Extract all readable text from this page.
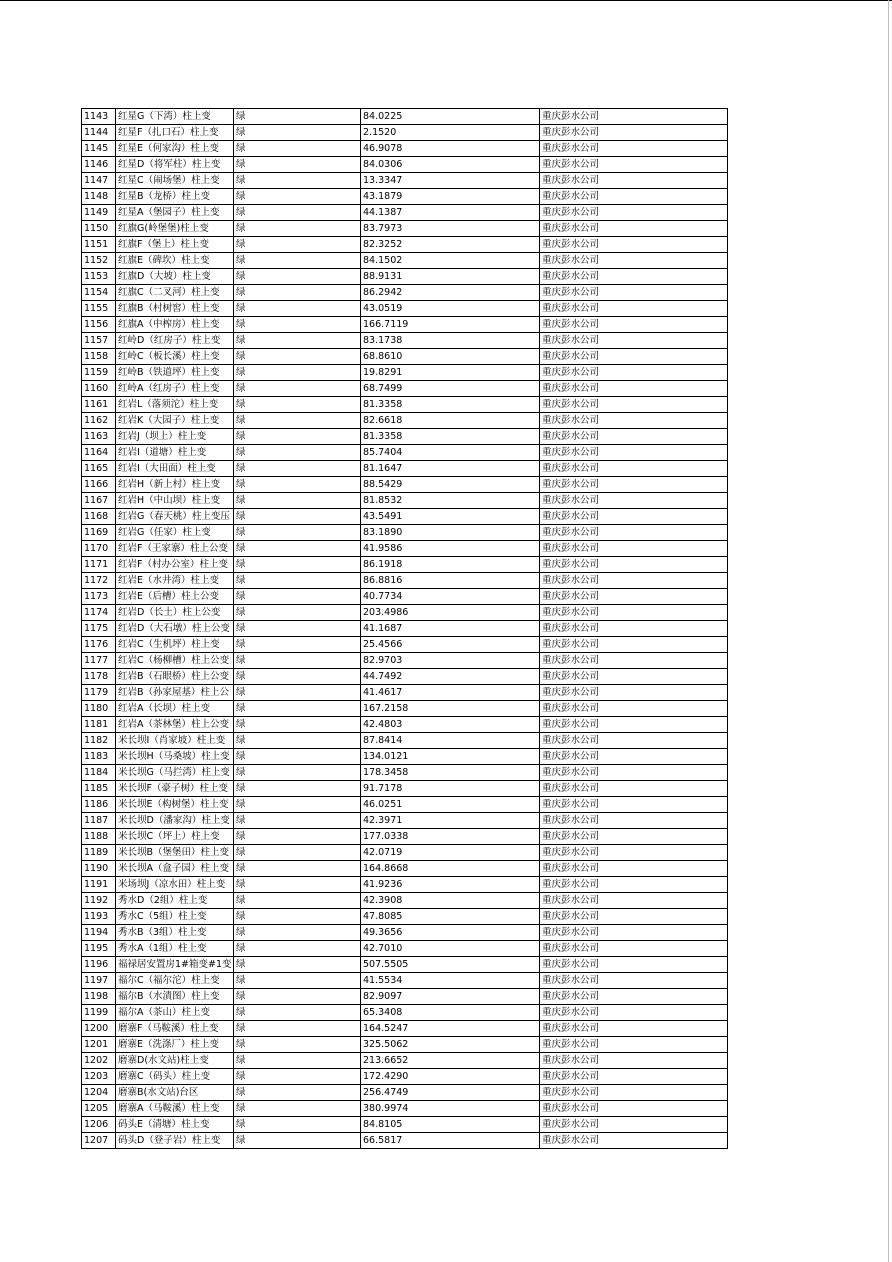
1143	红星G（下湾）柱上变	绿	84.0225	重庆彭水公司
1144	红星F（扎口石）柱上变	绿	2.1520	重庆彭水公司
1145	红星E（何家沟）柱上变	绿	46.9078	重庆彭水公司
1146	红星D（将军柱）柱上变	绿	84.0306	重庆彭水公司
1147	红星C（闹场堡）柱上变	绿	13.3347	重庆彭水公司
1148	红星B（龙桥）柱上变	绿	43.1879	重庆彭水公司
1149	红星A（堡园子）柱上变	绿	44.1387	重庆彭水公司
1150	红旗G(岭堡堡)柱上变	绿	83.7973	重庆彭水公司
1151	红旗F（堡上）柱上变	绿	82.3252	重庆彭水公司
1152	红旗E（碑坎）柱上变	绿	84.1502	重庆彭水公司
1153	红旗D（大坡）柱上变	绿	88.9131	重庆彭水公司
1154	红旗C（二叉河）柱上变	绿	86.2942	重庆彭水公司
1155	红旗B（村树窖）柱上变	绿	43.0519	重庆彭水公司
1156	红旗A（中榨房）柱上变	绿	166.7119	重庆彭水公司
1157	红岭D（红房子）柱上变	绿	83.1738	重庆彭水公司
1158	红岭C（板长溪）柱上变	绿	68.8610	重庆彭水公司
1159	红岭B（铁道坪）柱上变	绿	19.8291	重庆彭水公司
1160	红岭A（红房子）柱上变	绿	68.7499	重庆彭水公司
1161	红岩L（落须沱）柱上变	绿	81.3358	重庆彭水公司
1162	红岩K（大园子）柱上变	绿	82.6618	重庆彭水公司
1163	红岩J（坝上）柱上变	绿	81.3358	重庆彭水公司
1164	红岩I（道塘）柱上变	绿	85.7404	重庆彭水公司
1165	红岩I（大田面）柱上变	绿	81.1647	重庆彭水公司
1166	红岩H（新上村）柱上变	绿	88.5429	重庆彭水公司
1167	红岩H（中山坝）柱上变	绿	81.8532	重庆彭水公司
1168	红岩G（春天桃）柱上变压	绿	43.5491	重庆彭水公司
1169	红岩G（任家）柱上变	绿	83.1890	重庆彭水公司
1170	红岩F（王家寨）柱上公变	绿	41.9586	重庆彭水公司
1171	红岩F（村办公室）柱上变	绿	86.1918	重庆彭水公司
1172	红岩E（水井湾）柱上变	绿	86.8816	重庆彭水公司
1173	红岩E（后槽）柱上公变	绿	40.7734	重庆彭水公司
1174	红岩D（长土）柱上公变	绿	203.4986	重庆彭水公司
1175	红岩D（大石墩）柱上公变	绿	41.1687	重庆彭水公司
1176	红岩C（生机坪）柱上变	绿	25.4566	重庆彭水公司
1177	红岩C（杨柳槽）柱上公变	绿	82.9703	重庆彭水公司
1178	红岩B（石眼桥）柱上公变	绿	44.7492	重庆彭水公司
1179	红岩B（孙家屋基）柱上公	绿	41.4617	重庆彭水公司
1180	红岩A（长坝）柱上变	绿	167.2158	重庆彭水公司
1181	红岩A（茶林堡）柱上公变	绿	42.4803	重庆彭水公司
1182	米长坝I（肖家坡）柱上变	绿	87.8414	重庆彭水公司
1183	米长坝H（马桑坡）柱上变	绿	134.0121	重庆彭水公司
1184	米长坝G（马拦湾）柱上变	绿	178.3458	重庆彭水公司
1185	米长坝F（豪子树）柱上变	绿	91.7178	重庆彭水公司
1186	米长坝E（构树堡）柱上变	绿	46.0251	重庆彭水公司
1187	米长坝D（潘家沟）柱上变	绿	42.3971	重庆彭水公司
1188	米长坝C（坪上）柱上变	绿	177.0338	重庆彭水公司
1189	米长坝B（堡堡田）柱上变	绿	42.0719	重庆彭水公司
1190	米长坝A（盒子园）柱上变	绿	164.8668	重庆彭水公司
1191	米场坝J（凉水田）柱上变	绿	41.9236	重庆彭水公司
1192	秀水D（2组）柱上变	绿	42.3908	重庆彭水公司
1193	秀水C（5组）柱上变	绿	47.8085	重庆彭水公司
1194	秀水B（3组）柱上变	绿	49.3656	重庆彭水公司
1195	秀水A（1组）柱上变	绿	42.7010	重庆彭水公司
1196	福禄居安置房1#箱变#1变	绿	507.5505	重庆彭水公司
1197	福尔C（福尔沱）柱上变	绿	41.5534	重庆彭水公司
1198	福尔B（水漬图）柱上变	绿	82.9097	重庆彭水公司
1199	福尔A（茶山）柱上变	绿	65.3408	重庆彭水公司
1200	磨寨F（马鞍溪）柱上变	绿	164.5247	重庆彭水公司
1201	磨寨E（洗涤厂）柱上变	绿	325.5062	重庆彭水公司
1202	磨寨D(水文站)柱上变	绿	213.6652	重庆彭水公司
1203	磨寨C（码头）柱上变	绿	172.4290	重庆彭水公司
1204	磨寨B(水文站)台区	绿	256.4749	重庆彭水公司
1205	磨寨A（马鞍溪）柱上变	绿	380.9974	重庆彭水公司
1206	码头E（清塘）柱上变	绿	84.8105	重庆彭水公司
1207	码头D（登子岩）柱上变	绿	66.5817	重庆彭水公司
